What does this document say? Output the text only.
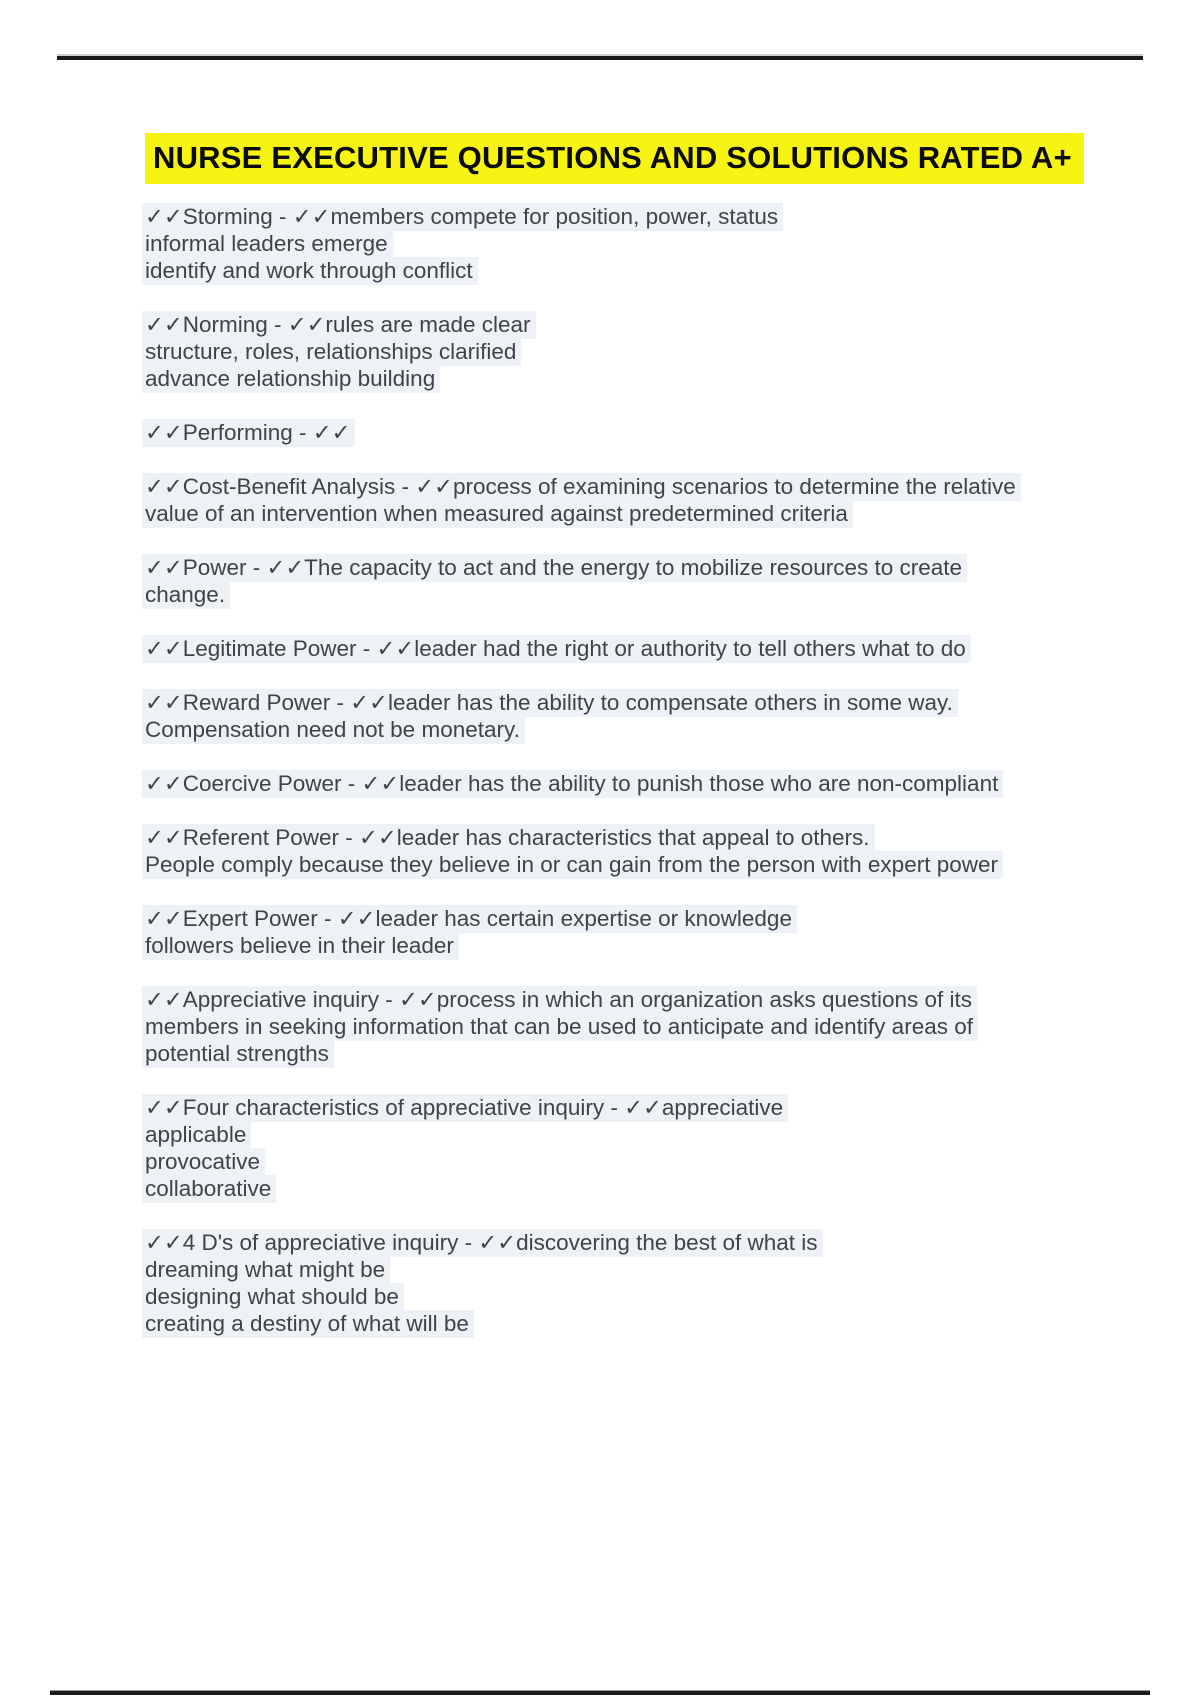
NURSE EXECUTIVE QUESTIONS AND SOLUTIONS RATED A+
✓✓Storming - ✓✓members compete for position, power, status
informal leaders emerge
identify and work through conflict
✓✓Norming - ✓✓rules are made clear
structure, roles, relationships clarified
advance relationship building
✓✓Performing - ✓✓
✓✓Cost-Benefit Analysis - ✓✓process of examining scenarios to determine the relative
value of an intervention when measured against predetermined criteria
✓✓Power - ✓✓The capacity to act and the energy to mobilize resources to create
change.
✓✓Legitimate Power - ✓✓leader had the right or authority to tell others what to do
✓✓Reward Power - ✓✓leader has the ability to compensate others in some way.
Compensation need not be monetary.
✓✓Coercive Power - ✓✓leader has the ability to punish those who are non-compliant
✓✓Referent Power - ✓✓leader has characteristics that appeal to others.
People comply because they believe in or can gain from the person with expert power
✓✓Expert Power - ✓✓leader has certain expertise or knowledge
followers believe in their leader
✓✓Appreciative inquiry - ✓✓process in which an organization asks questions of its
members in seeking information that can be used to anticipate and identify areas of
potential strengths
✓✓Four characteristics of appreciative inquiry - ✓✓appreciative
applicable
provocative
collaborative
✓✓4 D's of appreciative inquiry - ✓✓discovering the best of what is
dreaming what might be
designing what should be
creating a destiny of what will be
